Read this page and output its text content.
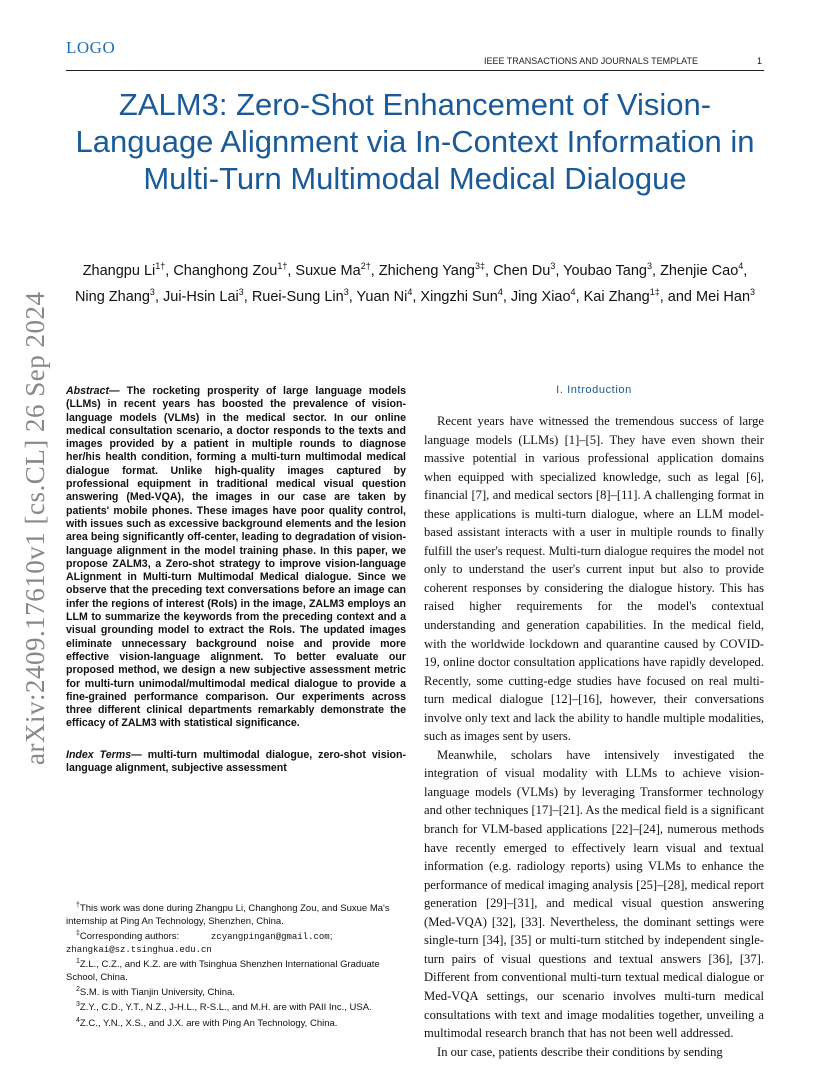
LOGO
IEEE TRANSACTIONS AND JOURNALS TEMPLATE	1
arXiv:2409.17610v1 [cs.CL] 26 Sep 2024
ZALM3: Zero-Shot Enhancement of Vision-Language Alignment via In-Context Information in Multi-Turn Multimodal Medical Dialogue
Zhangpu $Li^{1\dagger}$, Changhong Zou$^{1\dagger}$, Suxue $Ma^{2\dagger}$, Zhicheng Yang$^{3\ddagger}$, Chen Du$^3$, Youbao Tang$^3$, Zhenjie Cao$^4$, Ning Zhang$^3$, Jui-Hsin Lai$^3$, Ruei-Sung Lin$^3$, Yuan Ni$^4$, Xingzhi Sun$^4$, Jing Xiao$^4$, Kai Zhang$^{1\ddagger}$, and Mei Han$^3$

Abstract— The rocketing prosperity of large language models (LLMs) in recent years has boosted the prevalence of vision-language models (VLMs) in the medical sector. In our online medical consultation scenario, a doctor responds to the texts and images provided by a patient in multiple rounds to diagnose her/his health condition, forming a multi-turn multimodal medical dialogue format. Unlike high-quality images captured by professional equipment in traditional medical visual question answering (Med-VQA), the images in our case are taken by patients' mobile phones. These images have poor quality control, with issues such as excessive background elements and the lesion area being significantly off-center, leading to degradation of vision-language alignment in the model training phase. In this paper, we propose ZALM3, a Zero-shot strategy to improve vision-language ALignment in Multi-turn Multimodal Medical dialogue. Since we observe that the preceding text conversations before an image can infer the regions of interest (RoIs) in the image, ZALM3 employs an LLM to summarize the keywords from the preceding context and a visual grounding model to extract the RoIs. The updated images eliminate unnecessary background noise and provide more effective vision-language alignment. To better evaluate our proposed method, we design a new subjective assessment metric for multi-turn unimodal/multimodal medical dialogue to provide a fine-grained performance comparison. Our experiments across three different clinical departments remarkably demonstrate the efficacy of ZALM3 with statistical significance.

Index Terms— multi-turn multimodal dialogue, zero-shot vision-language alignment, subjective assessment

†This work was done during Zhangpu Li, Changhong Zou, and Suxue Ma's internship at Ping An Technology, Shenzhen, China.

‡Corresponding authors:	zcyangpingan@gmail.com; zhangkai@sz.tsinghua.edu.cn

$^1$Z.L., C.Z., and K.Z. are with Tsinghua Shenzhen International Graduate School, China.

$^2$S.M. is with Tianjin University, China.

$^3$Z.Y., C.D., Y.T., N.Z., J-H.L., R-S.L., and M.H. are with PAII Inc., USA.

$^4$Z.C., Y.N., X.S., and J.X. are with Ping An Technology, China.

I. Introduction

Recent years have witnessed the tremendous success of large language models (LLMs) [1]–[5]. They have even shown their massive potential in various professional application domains when equipped with specialized knowledge, such as legal [6], financial [7], and medical sectors [8]–[11]. A challenging format in these applications is multi-turn dialogue, where an LLM model-based assistant interacts with a user in multiple rounds to finally fulfill the user's request. Multi-turn dialogue requires the model not only to understand the user's current input but also to provide coherent responses by considering the dialogue history. This has raised higher requirements for the model's contextual understanding and generation capabilities. In the medical field, with the worldwide lockdown and quarantine caused by COVID-19, online doctor consultation applications have rapidly developed. Recently, some cutting-edge studies have focused on real multi-turn medical dialogue [12]–[16], however, their conversations involve only text and lack the ability to handle multiple modalities, such as images sent by users.

Meanwhile, scholars have intensively investigated the integration of visual modality with LLMs to achieve vision-language models (VLMs) by leveraging Transformer technology and other techniques [17]–[21]. As the medical field is a significant branch for VLM-based applications [22]–[24], numerous methods have recently emerged to effectively learn visual and textual information (e.g. radiology reports) using VLMs to enhance the performance of medical imaging analysis [25]–[28], medical report generation [29]–[31], and medical visual question answering (Med-VQA) [32], [33]. Nevertheless, the dominant settings were single-turn [34], [35] or multi-turn stitched by independent single-turn pairs of visual questions and textual answers [36], [37]. Different from conventional multi-turn textual medical dialogue or Med-VQA settings, our scenario involves multi-turn medical consultations with text and image modalities together, unveiling a multimodal research branch that has not been well addressed.

In our case, patients describe their conditions by sending
